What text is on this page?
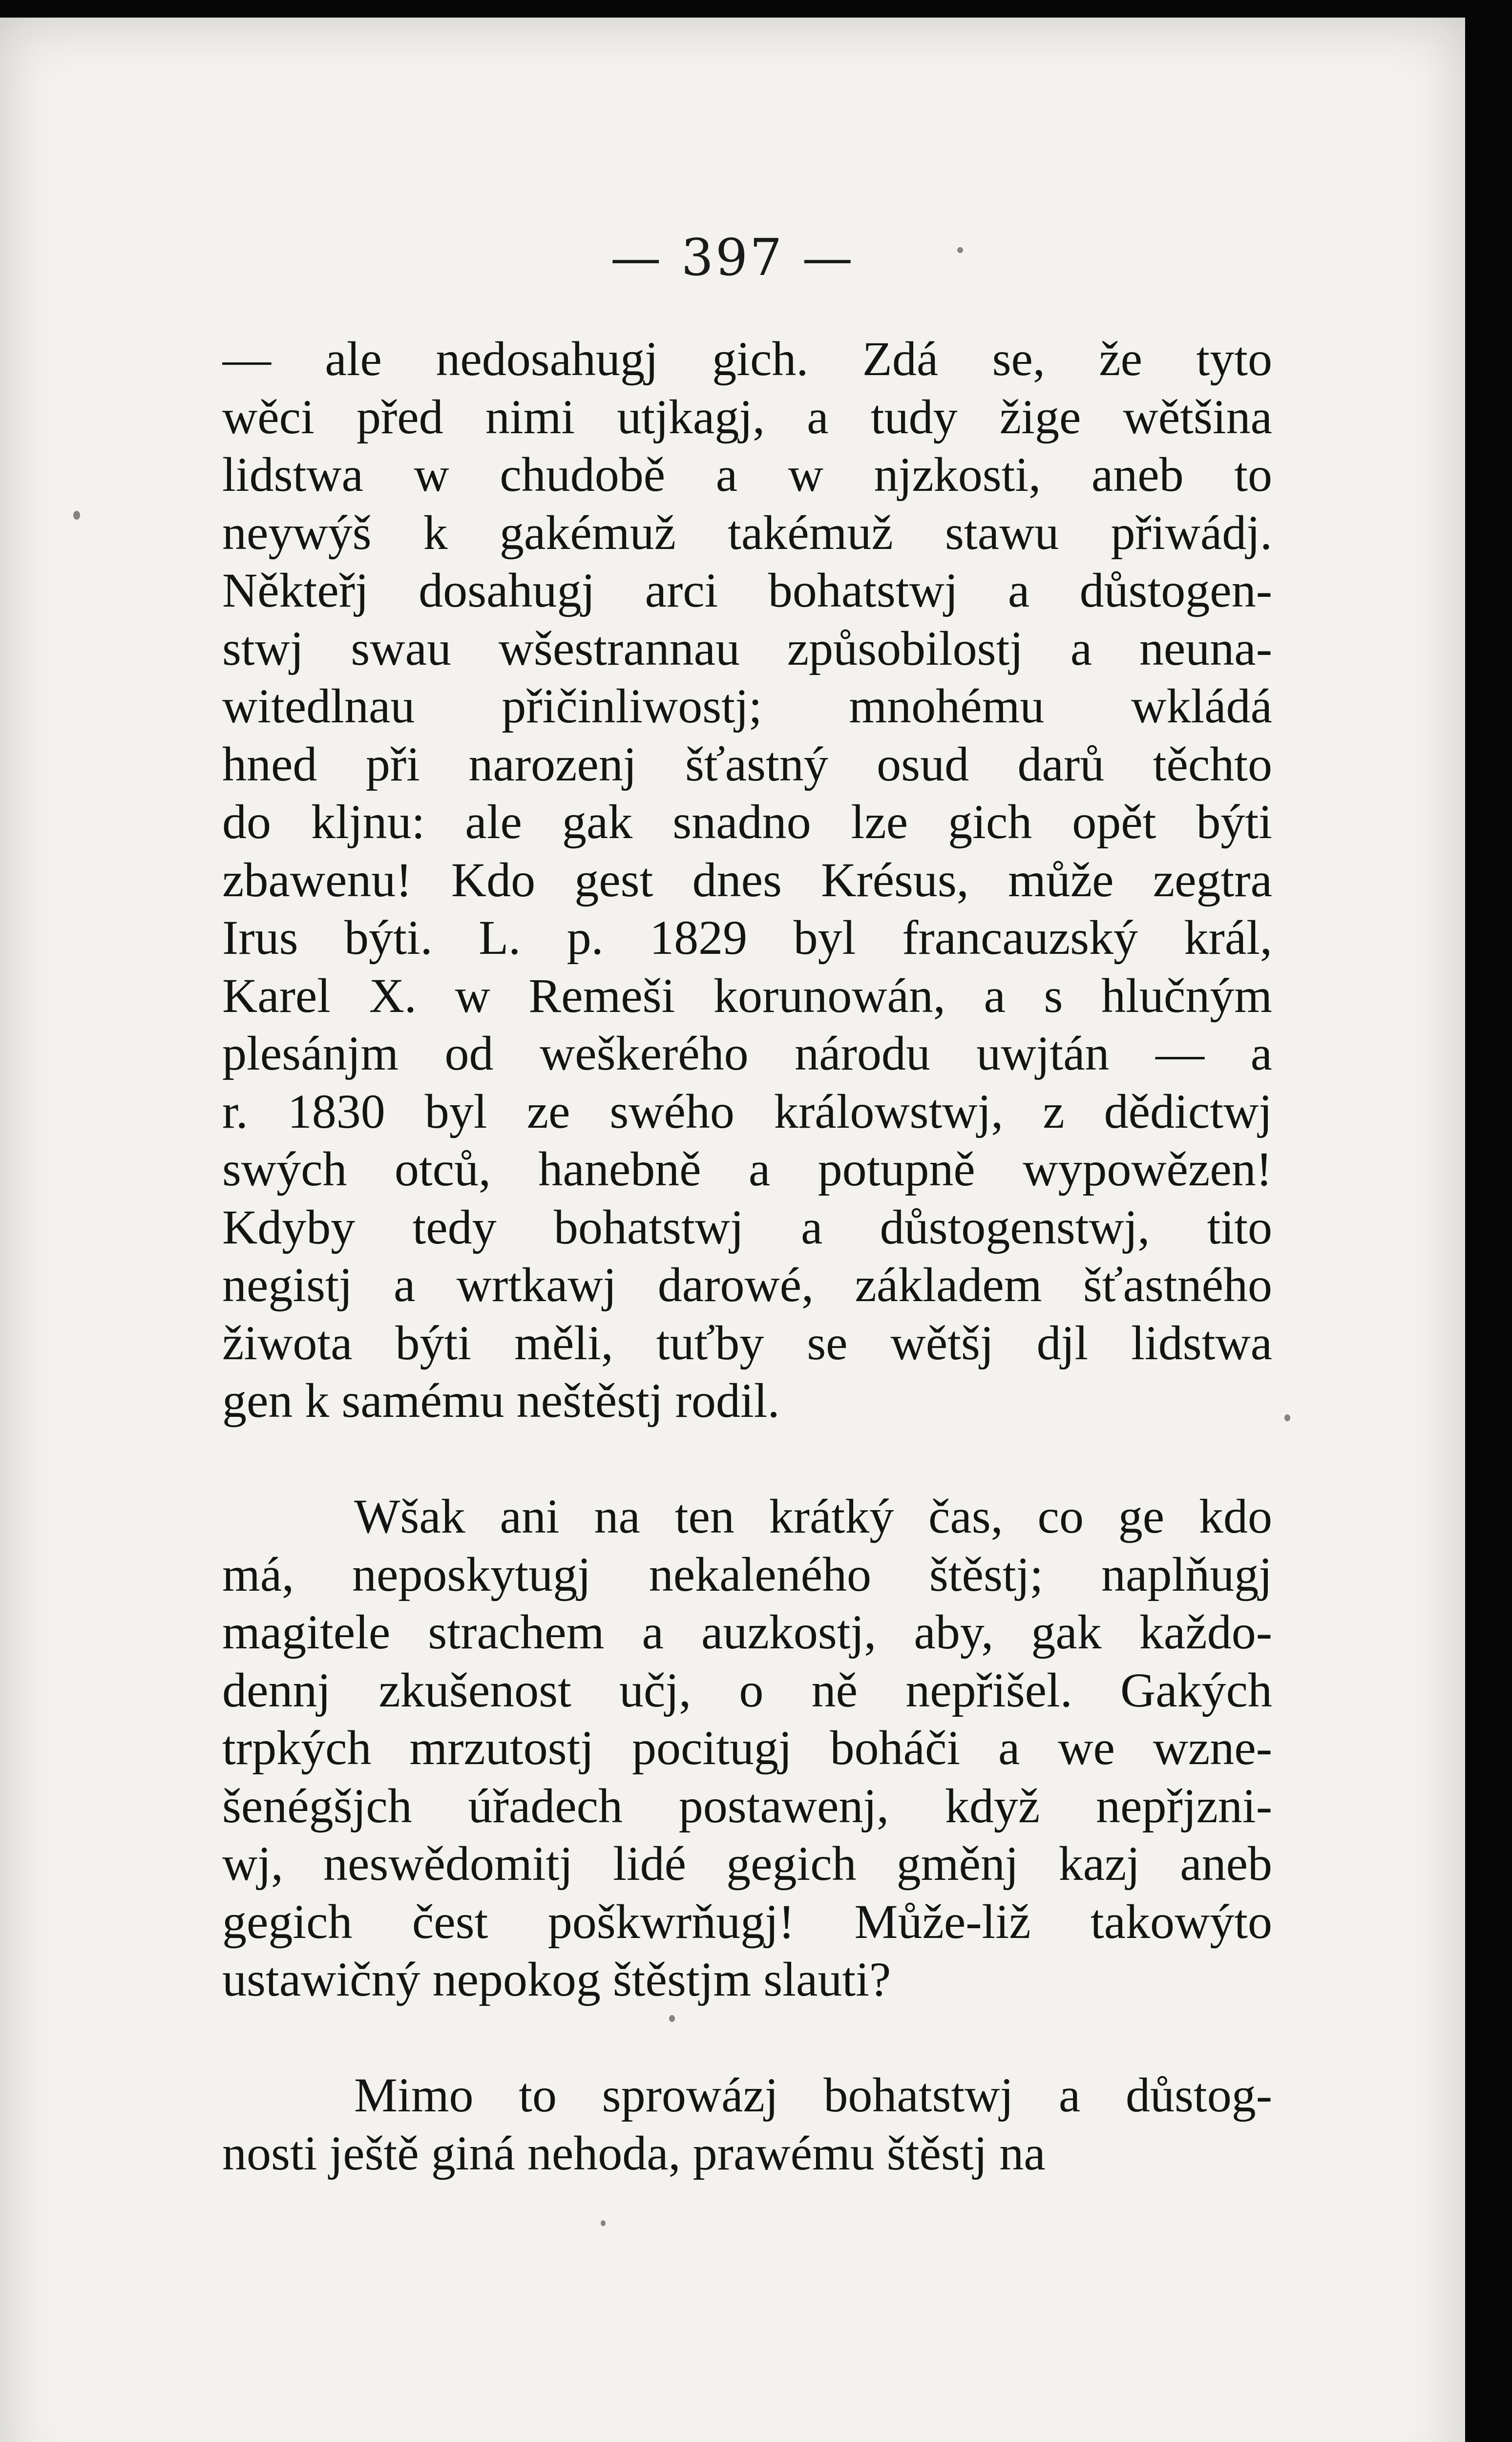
— 397 —
— ale nedosahugj gich. Zdá se, že tyto
wěci před nimi utjkagj, a tudy žige wětšina
lidstwa w chudobě a w njzkosti, aneb to
neywýš k gakémuž takémuž stawu přiwádj.
Někteřj dosahugj arci bohatstwj a důstogen-
stwj swau wšestrannau způsobilostj a neuna-
witedlnau přičinliwostj; mnohému wkládá
hned při narozenj šťastný osud darů těchto
do kljnu: ale gak snadno lze gich opět býti
zbawenu! Kdo gest dnes Krésus, může zegtra
Irus býti. L. p. 1829 byl francauzský král,
Karel X. w Remeši korunowán, a s hlučným
plesánjm od weškerého národu uwjtán — a
r. 1830 byl ze swého králowstwj, z dědictwj
swých otců, hanebně a potupně wypowězen!
Kdyby tedy bohatstwj a důstogenstwj, tito
negistj a wrtkawj darowé, základem šťastného
žiwota býti měli, tuťby se wětšj djl lidstwa
gen k samému neštěstj rodil.
Wšak ani na ten krátký čas, co ge kdo
má, neposkytugj nekaleného štěstj; naplňugj
magitele strachem a auzkostj, aby, gak každo-
dennj zkušenost učj, o ně nepřišel. Gakých
trpkých mrzutostj pocitugj boháči a we wzne-
šenégšjch úřadech postawenj, když nepřjzni-
wj, neswědomitj lidé gegich gměnj kazj aneb
gegich čest poškwrňugj! Může-liž takowýto
ustawičný nepokog štěstjm slauti?
Mimo to sprowázj bohatstwj a důstog-
nosti ještě giná nehoda, prawému štěstj na
